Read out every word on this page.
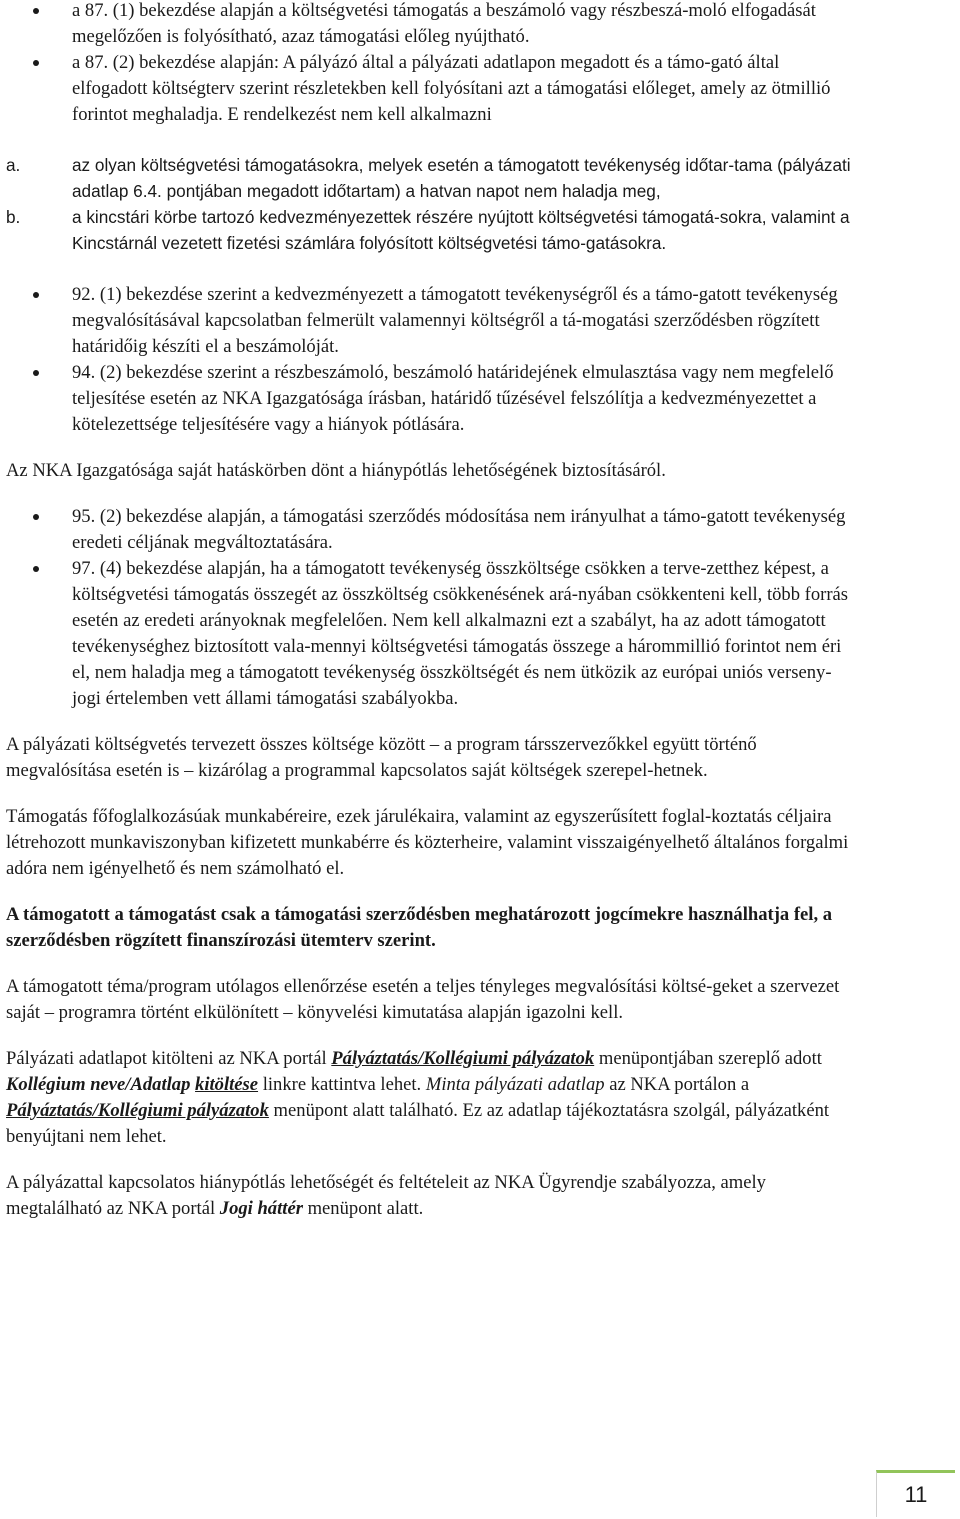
a 87. (1) bekezdése alapján a költségvetési támogatás a beszámoló vagy részbeszá-moló elfogadását megelőzően is folyósítható, azaz támogatási előleg nyújtható.
a 87. (2) bekezdése alapján: A pályázó által a pályázati adatlapon megadott és a támo-gató által elfogadott költségterv szerint részletekben kell folyósítani azt a támogatási előleget, amely az ötmillió forintot meghaladja. E rendelkezést nem kell alkalmazni
a.	az olyan költségvetési támogatásokra, melyek esetén a támogatott tevékenység időtar-tama (pályázati adatlap 6.4. pontjában megadott időtartam) a hatvan napot nem haladja meg,
b.	a kincstári körbe tartozó kedvezményezettek részére nyújtott költségvetési támogatá-sokra, valamint a Kincstárnál vezetett fizetési számlára folyósított költségvetési támo-gatásokra.
92. (1) bekezdése szerint a kedvezményezett a támogatott tevékenységről és a támo-gatott tevékenység megvalósításával kapcsolatban felmerült valamennyi költségről a tá-mogatási szerződésben rögzített határidőig készíti el a beszámolóját.
94. (2) bekezdése szerint a részbeszámoló, beszámoló határidejének elmulasztása vagy nem megfelelő teljesítése esetén az NKA Igazgatósága írásban, határidő tűzésével felszólítja a kedvezményezettet a kötelezettsége teljesítésére vagy a hiányok pótlására.

Az NKA Igazgatósága saját hatáskörben dönt a hiánypótlás lehetőségének biztosításáról.

95. (2) bekezdése alapján, a támogatási szerződés módosítása nem irányulhat a támo-gatott tevékenység eredeti céljának megváltoztatására.
97. (4) bekezdése alapján, ha a támogatott tevékenység összköltsége csökken a terve-zetthez képest, a költségvetési támogatás összegét az összköltség csökkenésének ará-nyában csökkenteni kell, több forrás esetén az eredeti arányoknak megfelelően. Nem kell alkalmazni ezt a szabályt, ha az adott támogatott tevékenységhez biztosított vala-mennyi költségvetési támogatás összege a hárommillió forintot nem éri el, nem haladja meg a támogatott tevékenység összköltségét és nem ütközik az európai uniós verseny-jogi értelemben vett állami támogatási szabályokba.

A pályázati költségvetés tervezett összes költsége között – a program társszervezőkkel együtt történő megvalósítása esetén is – kizárólag a programmal kapcsolatos saját költségek szerepel-hetnek.

Támogatás főfoglalkozásúak munkabéreire, ezek járulékaira, valamint az egyszerűsített foglal-koztatás céljaira létrehozott munkaviszonyban kifizetett munkabérre és közterheire, valamint visszaigényelhető általános forgalmi adóra nem igényelhető és nem számolható el.

A támogatott a támogatást csak a támogatási szerződésben meghatározott jogcímekre használhatja fel, a szerződésben rögzített finanszírozási ütemterv szerint.

A támogatott téma/program utólagos ellenőrzése esetén a teljes tényleges megvalósítási költsé-geket a szervezet saját – programra történt elkülönített – könyvelési kimutatása alapján igazolni kell.

Pályázati adatlapot kitölteni az NKA portál Pályáztatás/Kollégiumi pályázatok menüpontjában szereplő adott Kollégium neve/Adatlap kitöltése linkre kattintva lehet. Minta pályázati adatlap az NKA portálon a Pályáztatás/Kollégiumi pályázatok menüpont alatt található. Ez az adatlap tájékoztatásra szolgál, pályázatként benyújtani nem lehet.

A pályázattal kapcsolatos hiánypótlás lehetőségét és feltételeit az NKA Ügyrendje szabályozza, amely megtalálható az NKA portál Jogi háttér menüpont alatt.

11
